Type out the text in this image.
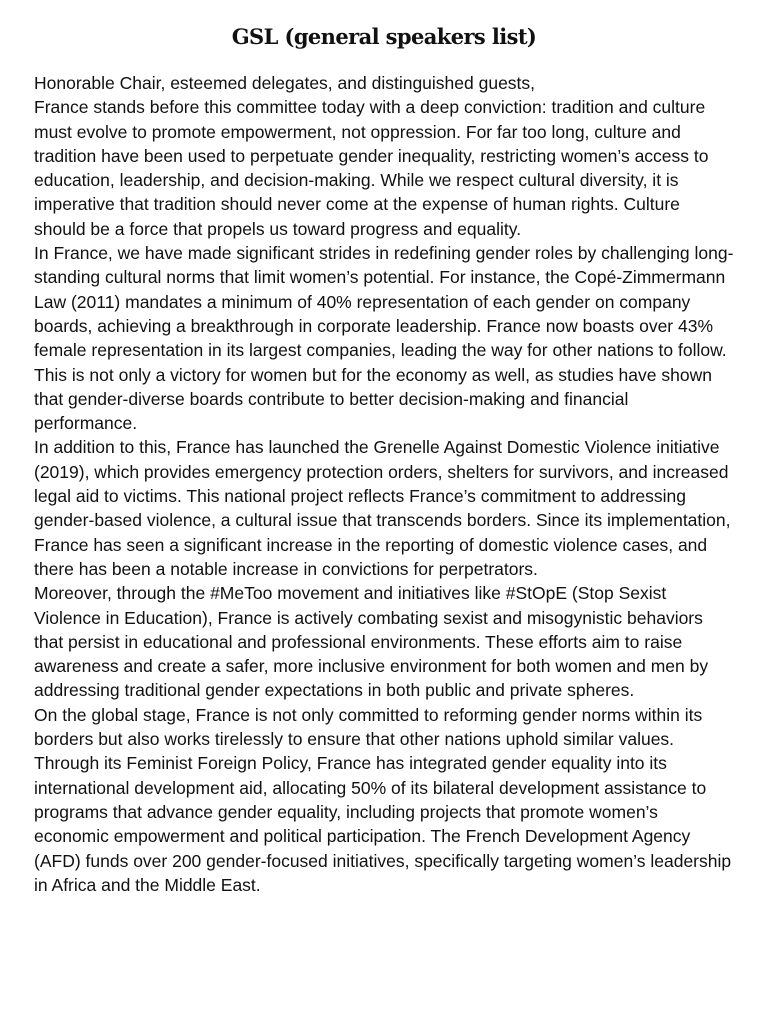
GSL (general speakers list)

Honorable Chair, esteemed delegates, and distinguished guests,

France stands before this committee today with a deep conviction: tradition and culture must evolve to promote empowerment, not oppression. For far too long, culture and tradition have been used to perpetuate gender inequality, restricting women’s access to education, leadership, and decision-making. While we respect cultural diversity, it is imperative that tradition should never come at the expense of human rights. Culture should be a force that propels us toward progress and equality.

In France, we have made significant strides in redefining gender roles by challenging long-standing cultural norms that limit women’s potential. For instance, the Copé-Zimmermann Law (2011) mandates a minimum of 40% representation of each gender on company boards, achieving a breakthrough in corporate leadership. France now boasts over 43% female representation in its largest companies, leading the way for other nations to follow. This is not only a victory for women but for the economy as well, as studies have shown that gender-diverse boards contribute to better decision-making and financial performance.

In addition to this, France has launched the Grenelle Against Domestic Violence initiative (2019), which provides emergency protection orders, shelters for survivors, and increased legal aid to victims. This national project reflects France’s commitment to addressing gender-based violence, a cultural issue that transcends borders. Since its implementation, France has seen a significant increase in the reporting of domestic violence cases, and there has been a notable increase in convictions for perpetrators.

Moreover, through the #MeToo movement and initiatives like #StOpE (Stop Sexist Violence in Education), France is actively combating sexist and misogynistic behaviors that persist in educational and professional environments. These efforts aim to raise awareness and create a safer, more inclusive environment for both women and men by addressing traditional gender expectations in both public and private spheres.

On the global stage, France is not only committed to reforming gender norms within its borders but also works tirelessly to ensure that other nations uphold similar values. Through its Feminist Foreign Policy, France has integrated gender equality into its international development aid, allocating 50% of its bilateral development assistance to programs that advance gender equality, including projects that promote women’s economic empowerment and political participation. The French Development Agency (AFD) funds over 200 gender-focused initiatives, specifically targeting women’s leadership in Africa and the Middle East.
